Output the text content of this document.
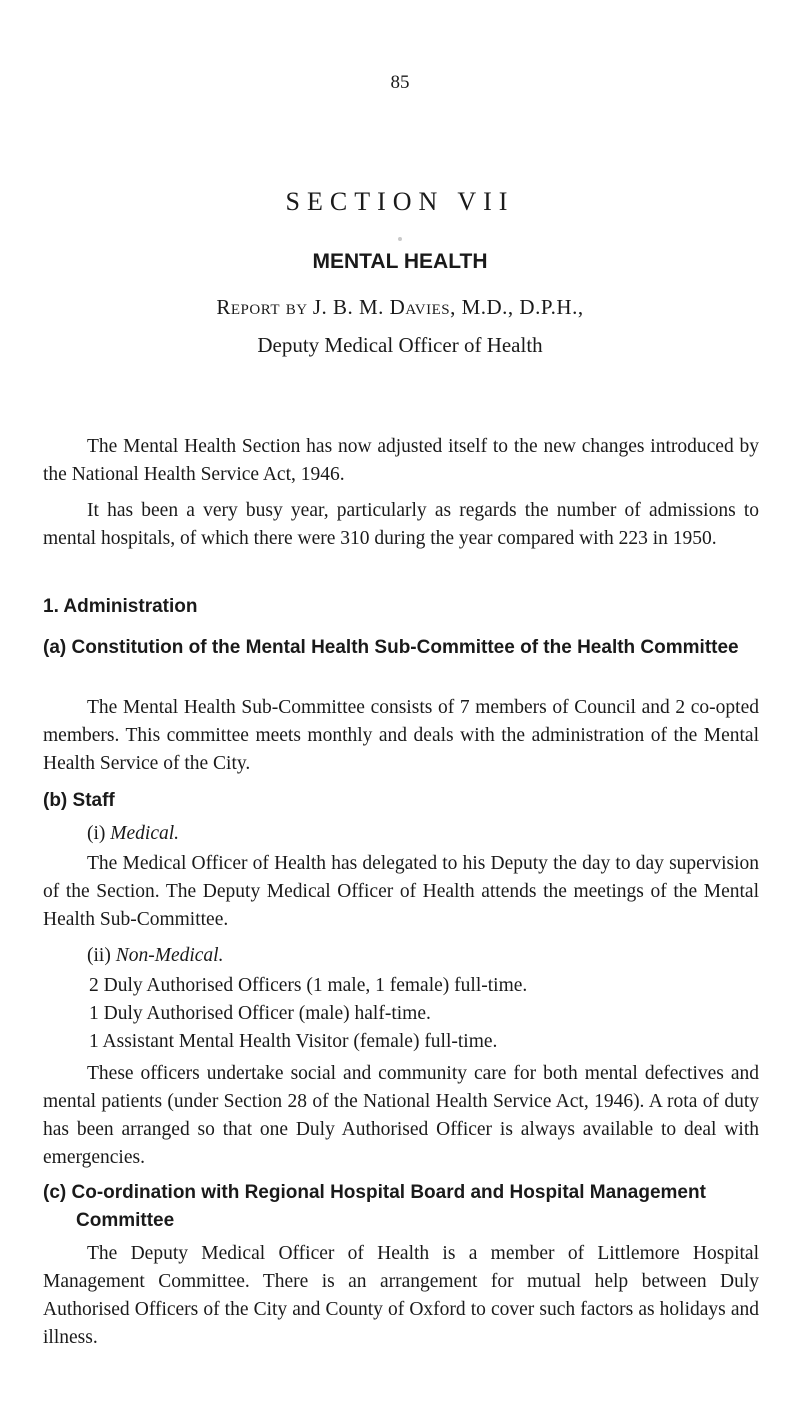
85
SECTION VII
MENTAL HEALTH
Report by J. B. M. Davies, M.D., D.P.H.,
Deputy Medical Officer of Health

The Mental Health Section has now adjusted itself to the new changes introduced by the National Health Service Act, 1946.

It has been a very busy year, particularly as regards the number of admissions to mental hospitals, of which there were 310 during the year compared with 223 in 1950.

1. Administration

(a) Constitution of the Mental Health Sub-Committee of the Health Committee

The Mental Health Sub-Committee consists of 7 members of Council and 2 co-opted members. This committee meets monthly and deals with the administration of the Mental Health Service of the City.

(b) Staff

(i) Medical.

The Medical Officer of Health has delegated to his Deputy the day to day supervision of the Section. The Deputy Medical Officer of Health attends the meetings of the Mental Health Sub-Committee.

(ii) Non-Medical.

2 Duly Authorised Officers (1 male, 1 female) full-time.

1 Duly Authorised Officer (male) half-time.

1 Assistant Mental Health Visitor (female) full-time.

These officers undertake social and community care for both mental defectives and mental patients (under Section 28 of the National Health Service Act, 1946). A rota of duty has been arranged so that one Duly Authorised Officer is always available to deal with emergencies.

(c) Co-ordination with Regional Hospital Board and Hospital Management Committee

The Deputy Medical Officer of Health is a member of Littlemore Hospital Management Committee. There is an arrangement for mutual help between Duly Authorised Officers of the City and County of Oxford to cover such factors as holidays and illness.
